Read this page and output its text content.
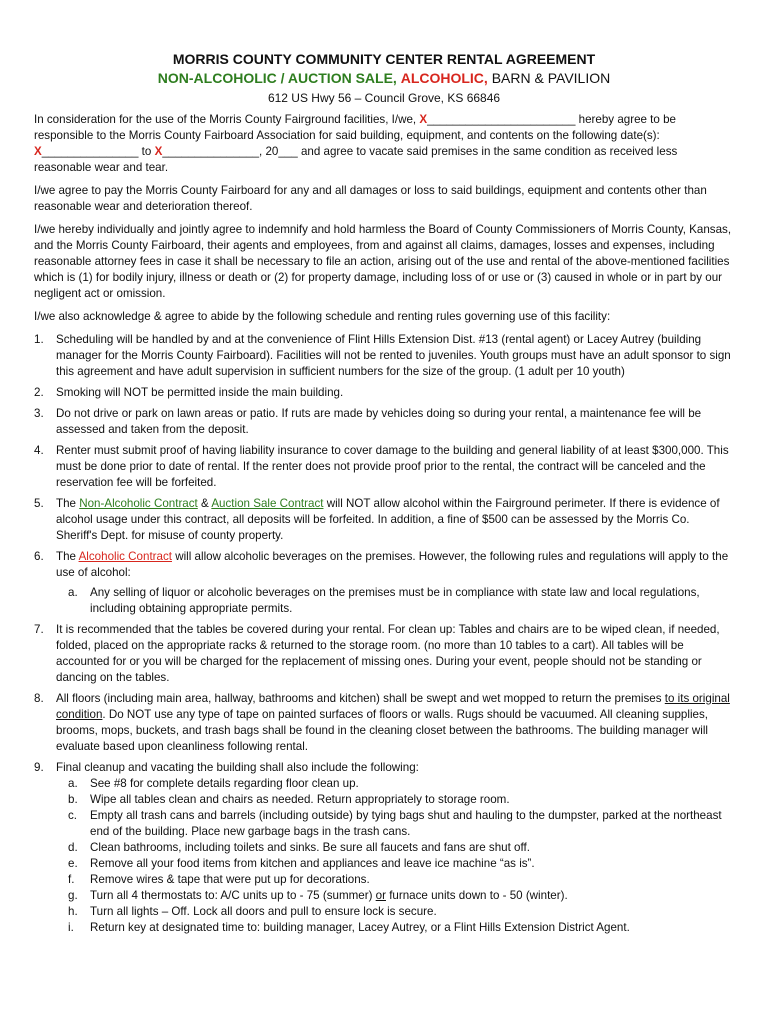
MORRIS COUNTY COMMUNITY CENTER RENTAL AGREEMENT
NON-ALCOHOLIC / AUCTION SALE, ALCOHOLIC, BARN & PAVILION
612 US Hwy 56 – Council Grove, KS 66846

In consideration for the use of the Morris County Fairground facilities, I/we, X_______________________ hereby agree to be responsible to the Morris County Fairboard Association for said building, equipment, and contents on the following date(s): X_______________ to X_______________, 20___ and agree to vacate said premises in the same condition as received less reasonable wear and tear.

I/we agree to pay the Morris County Fairboard for any and all damages or loss to said buildings, equipment and contents other than reasonable wear and deterioration thereof.

I/we hereby individually and jointly agree to indemnify and hold harmless the Board of County Commissioners of Morris County, Kansas, and the Morris County Fairboard, their agents and employees, from and against all claims, damages, losses and expenses, including reasonable attorney fees in case it shall be necessary to file an action, arising out of the use and rental of the above-mentioned facilities which is (1) for bodily injury, illness or death or (2) for property damage, including loss of or use or (3) caused in whole or in part by our negligent act or omission.

I/we also acknowledge & agree to abide by the following schedule and renting rules governing use of this facility:

1. Scheduling will be handled by and at the convenience of Flint Hills Extension Dist. #13 (rental agent) or Lacey Autrey (building manager for the Morris County Fairboard). Facilities will not be rented to juveniles. Youth groups must have an adult sponsor to sign this agreement and have adult supervision in sufficient numbers for the size of the group. (1 adult per 10 youth)
2. Smoking will NOT be permitted inside the main building.
3. Do not drive or park on lawn areas or patio. If ruts are made by vehicles doing so during your rental, a maintenance fee will be assessed and taken from the deposit.
4. Renter must submit proof of having liability insurance to cover damage to the building and general liability of at least $300,000. This must be done prior to date of rental. If the renter does not provide proof prior to the rental, the contract will be canceled and the reservation fee will be forfeited.
5. The Non-Alcoholic Contract & Auction Sale Contract will NOT allow alcohol within the Fairground perimeter. If there is evidence of alcohol usage under this contract, all deposits will be forfeited. In addition, a fine of $500 can be assessed by the Morris Co. Sheriff's Dept. for misuse of county property.
6. The Alcoholic Contract will allow alcoholic beverages on the premises. However, the following rules and regulations will apply to the use of alcohol:
a. Any selling of liquor or alcoholic beverages on the premises must be in compliance with state law and local regulations, including obtaining appropriate permits.
7. It is recommended that the tables be covered during your rental. For clean up: Tables and chairs are to be wiped clean, if needed, folded, placed on the appropriate racks & returned to the storage room. (no more than 10 tables to a cart). All tables will be accounted for or you will be charged for the replacement of missing ones. During your event, people should not be standing or dancing on the tables.
8. All floors (including main area, hallway, bathrooms and kitchen) shall be swept and wet mopped to return the premises to its original condition. Do NOT use any type of tape on painted surfaces of floors or walls. Rugs should be vacuumed. All cleaning supplies, brooms, mops, buckets, and trash bags shall be found in the cleaning closet between the bathrooms. The building manager will evaluate based upon cleanliness following rental.
9. Final cleanup and vacating the building shall also include the following:
a. See #8 for complete details regarding floor clean up.
b. Wipe all tables clean and chairs as needed. Return appropriately to storage room.
c. Empty all trash cans and barrels (including outside) by tying bags shut and hauling to the dumpster, parked at the northeast end of the building. Place new garbage bags in the trash cans.
d. Clean bathrooms, including toilets and sinks. Be sure all faucets and fans are shut off.
e. Remove all your food items from kitchen and appliances and leave ice machine “as is”.
f. Remove wires & tape that were put up for decorations.
g. Turn all 4 thermostats to: A/C units up to - 75 (summer) or furnace units down to - 50 (winter).
h. Turn all lights – Off. Lock all doors and pull to ensure lock is secure.
i. Return key at designated time to: building manager, Lacey Autrey, or a Flint Hills Extension District Agent.
